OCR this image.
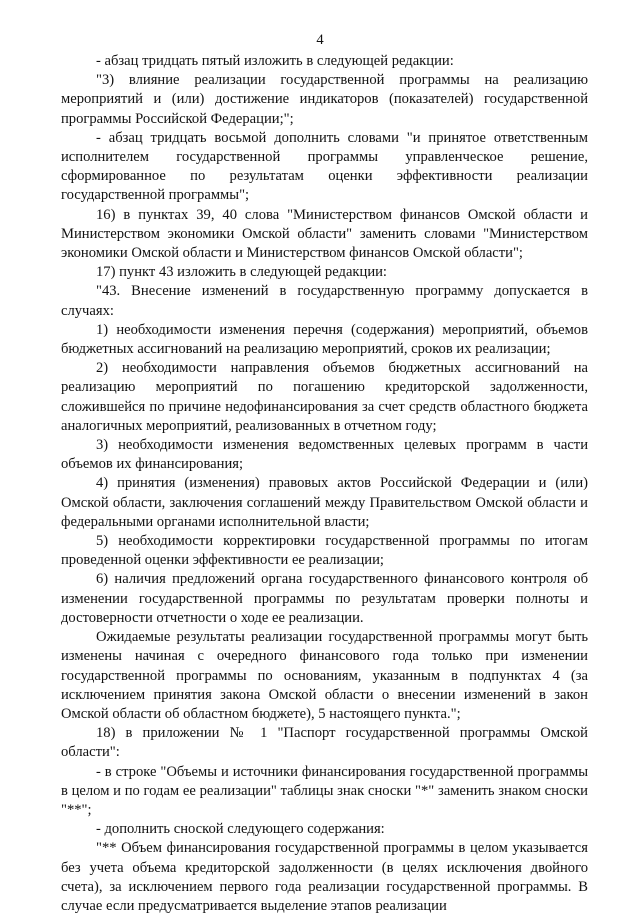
4

- абзац тридцать пятый изложить в следующей редакции:

"3) влияние реализации государственной программы на реализацию мероприятий и (или) достижение индикаторов (показателей) государственной программы Российской Федерации;";

- абзац тридцать восьмой дополнить словами "и принятое ответственным исполнителем государственной программы управленческое решение, сформированное по результатам оценки эффективности реализации государственной программы";

16) в пунктах 39, 40 слова "Министерством финансов Омской области и Министерством экономики Омской области" заменить словами "Министерством экономики Омской области и Министерством финансов Омской области";

17) пункт 43 изложить в следующей редакции:

"43. Внесение изменений в государственную программу допускается в случаях:

1) необходимости изменения перечня (содержания) мероприятий, объемов бюджетных ассигнований на реализацию мероприятий, сроков их реализации;

2) необходимости направления объемов бюджетных ассигнований на реализацию мероприятий по погашению кредиторской задолженности, сложившейся по причине недофинансирования за счет средств областного бюджета аналогичных мероприятий, реализованных в отчетном году;

3) необходимости изменения ведомственных целевых программ в части объемов их финансирования;

4) принятия (изменения) правовых актов Российской Федерации и (или) Омской области, заключения соглашений между Правительством Омской области и федеральными органами исполнительной власти;

5) необходимости корректировки государственной программы по итогам проведенной оценки эффективности ее реализации;

6) наличия предложений органа государственного финансового контроля об изменении государственной программы по результатам проверки полноты и достоверности отчетности о ходе ее реализации.

Ожидаемые результаты реализации государственной программы могут быть изменены начиная с очередного финансового года только при изменении государственной программы по основаниям, указанным в подпунктах 4 (за исключением принятия закона Омской области о внесении изменений в закон Омской области об областном бюджете), 5 настоящего пункта.";

18) в приложении № 1 "Паспорт государственной программы Омской области":

- в строке "Объемы и источники финансирования государственной программы в целом и по годам ее реализации" таблицы знак сноски "*" заменить знаком сноски "**";

- дополнить сноской следующего содержания:

"** Объем финансирования государственной программы в целом указывается без учета объема кредиторской задолженности (в целях исключения двойного счета), за исключением первого года реализации государственной программы. В случае если предусматривается выделение этапов реализации
